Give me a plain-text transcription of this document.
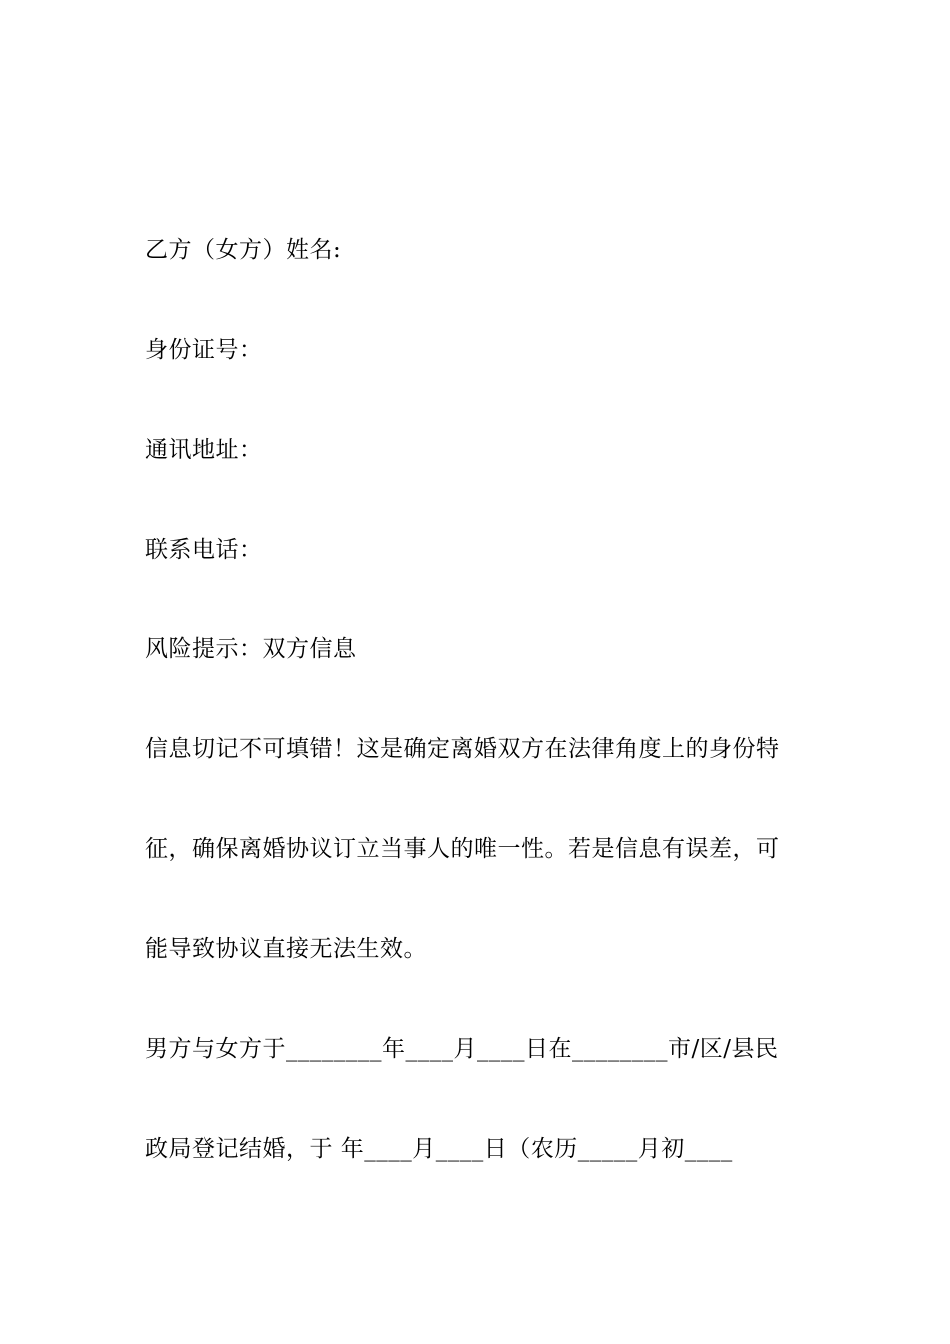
乙方（女方）姓名:
身份证号：
通讯地址：
联系电话：
风险提示：双方信息
信息切记不可填错！这是确定离婚双方在法律角度上的身份特
征，确保离婚协议订立当事人的唯一性。若是信息有误差，可
能导致协议直接无法生效。
男方与女方于________年____月____日在________市/区/县民
政局登记结婚，于 年____月____日（农历_____月初____
